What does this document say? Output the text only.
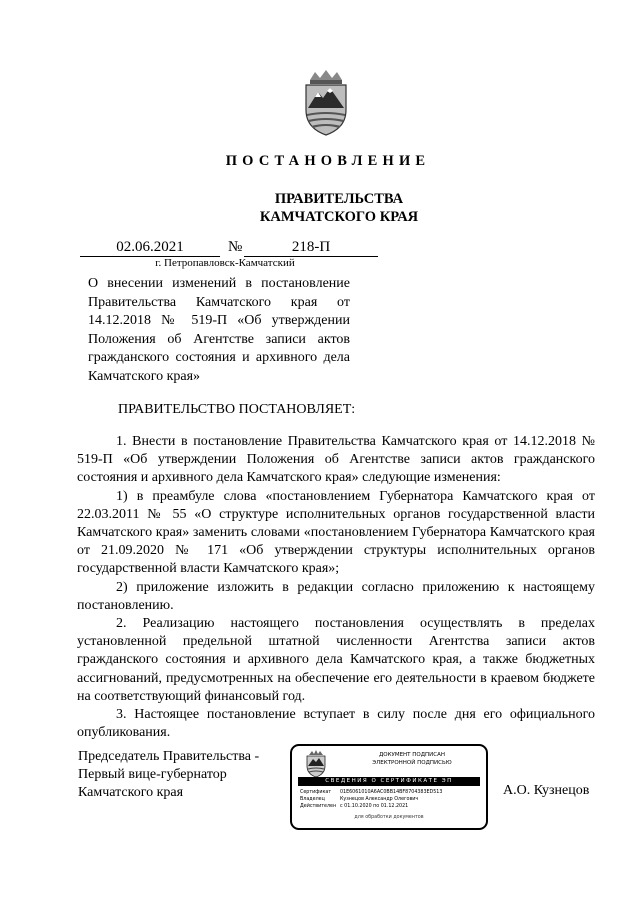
ПОСТАНОВЛЕНИЕ
ПРАВИТЕЛЬСТВА
КАМЧАТСКОГО КРАЯ
02.06.2021	№	218-П
г. Петропавловск-Камчатский
О внесении изменений в постановление Правительства Камчатского края от 14.12.2018 № 519-П «Об утверждении Положения об Агентстве записи актов гражданского состояния и архивного дела Камчатского края»
ПРАВИТЕЛЬСТВО ПОСТАНОВЛЯЕТ:

1. Внести в постановление Правительства Камчатского края от 14.12.2018 № 519-П «Об утверждении Положения об Агентстве записи актов гражданского состояния и архивного дела Камчатского края» следующие изменения:

1) в преамбуле слова «постановлением Губернатора Камчатского края от 22.03.2011 № 55 «О структуре исполнительных органов государственной власти Камчатского края» заменить словами «постановлением Губернатора Камчатского края от 21.09.2020 № 171 «Об утверждении структуры исполнительных органов государственной власти Камчатского края»;

2) приложение изложить в редакции согласно приложению к настоящему постановлению.

2. Реализацию настоящего постановления осуществлять в пределах установленной предельной штатной численности Агентства записи актов гражданского состояния и архивного дела Камчатского края, а также бюджетных ассигнований, предусмотренных на обеспечение его деятельности в краевом бюджете на соответствующий финансовый год.

3. Настоящее постановление вступает в силу после дня его официального опубликования.

Председатель Правительства -
Первый вице-губернатор
Камчатского края
ДОКУМЕНТ ПОДПИСАН
ЭЛЕКТРОННОЙ ПОДПИСЬЮ
СВЕДЕНИЯ О СЕРТИФИКАТЕ ЭП
Сертификат 01E6061010A6AC0BB14BF8704383ED513
Владелец	Кузнецов Александр Олегович
Действителен с 01.10.2020 по 01.12.2021
для обработки документов
А.О. Кузнецов
